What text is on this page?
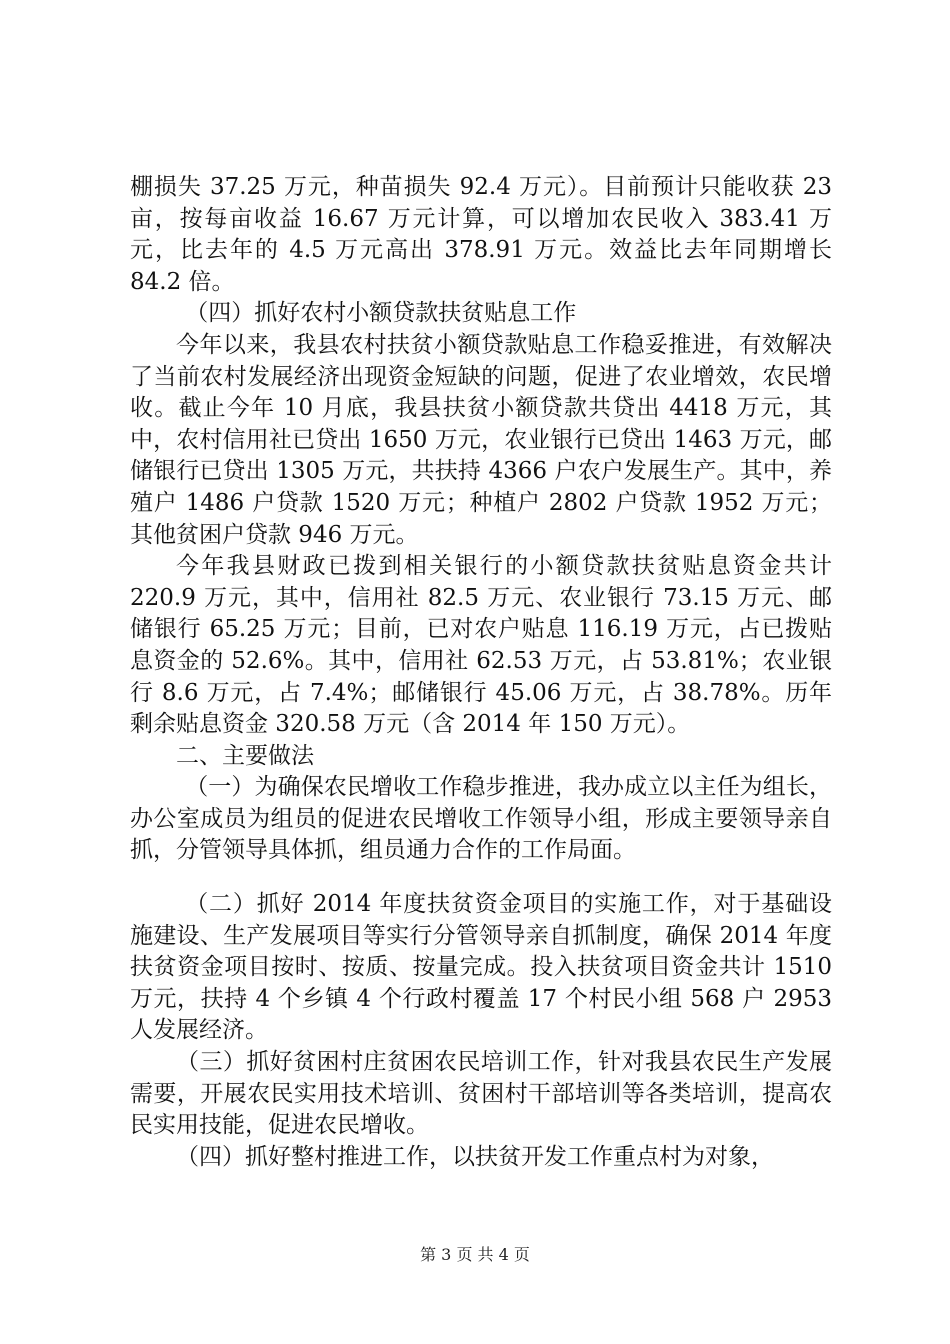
棚损失 37.25 万元，种苗损失 92.4 万元）。目前预计只能收获 23 亩，按每亩收益 16.67 万元计算，可以增加农民收入 383.41 万元，比去年的 4.5 万元高出 378.91 万元。效益比去年同期增长 84.2 倍。

（四）抓好农村小额贷款扶贫贴息工作

今年以来，我县农村扶贫小额贷款贴息工作稳妥推进，有效解决了当前农村发展经济出现资金短缺的问题，促进了农业增效，农民增收。截止今年 10 月底，我县扶贫小额贷款共贷出 4418 万元，其中，农村信用社已贷出 1650 万元，农业银行已贷出 1463 万元，邮储银行已贷出 1305 万元，共扶持 4366 户农户发展生产。其中，养殖户 1486 户贷款 1520 万元；种植户 2802 户贷款 1952 万元；其他贫困户贷款 946 万元。

今年我县财政已拨到相关银行的小额贷款扶贫贴息资金共计 220.9 万元，其中，信用社 82.5 万元、农业银行 73.15 万元、邮储银行 65.25 万元；目前，已对农户贴息 116.19 万元，占已拨贴息资金的 52.6%。其中，信用社 62.53 万元，占 53.81%；农业银行 8.6 万元，占 7.4%；邮储银行 45.06 万元，占 38.78%。历年剩余贴息资金 320.58 万元（含 2014 年 150 万元）。

二、主要做法

（一）为确保农民增收工作稳步推进，我办成立以主任为组长，办公室成员为组员的促进农民增收工作领导小组，形成主要领导亲自抓，分管领导具体抓，组员通力合作的工作局面。

（二）抓好 2014 年度扶贫资金项目的实施工作，对于基础设施建设、生产发展项目等实行分管领导亲自抓制度，确保 2014 年度扶贫资金项目按时、按质、按量完成。投入扶贫项目资金共计 1510 万元，扶持 4 个乡镇 4 个行政村覆盖 17 个村民小组 568 户 2953 人发展经济。

（三）抓好贫困村庄贫困农民培训工作，针对我县农民生产发展需要，开展农民实用技术培训、贫困村干部培训等各类培训，提高农民实用技能，促进农民增收。

（四）抓好整村推进工作，以扶贫开发工作重点村为对象，

第 3 页 共 4 页
